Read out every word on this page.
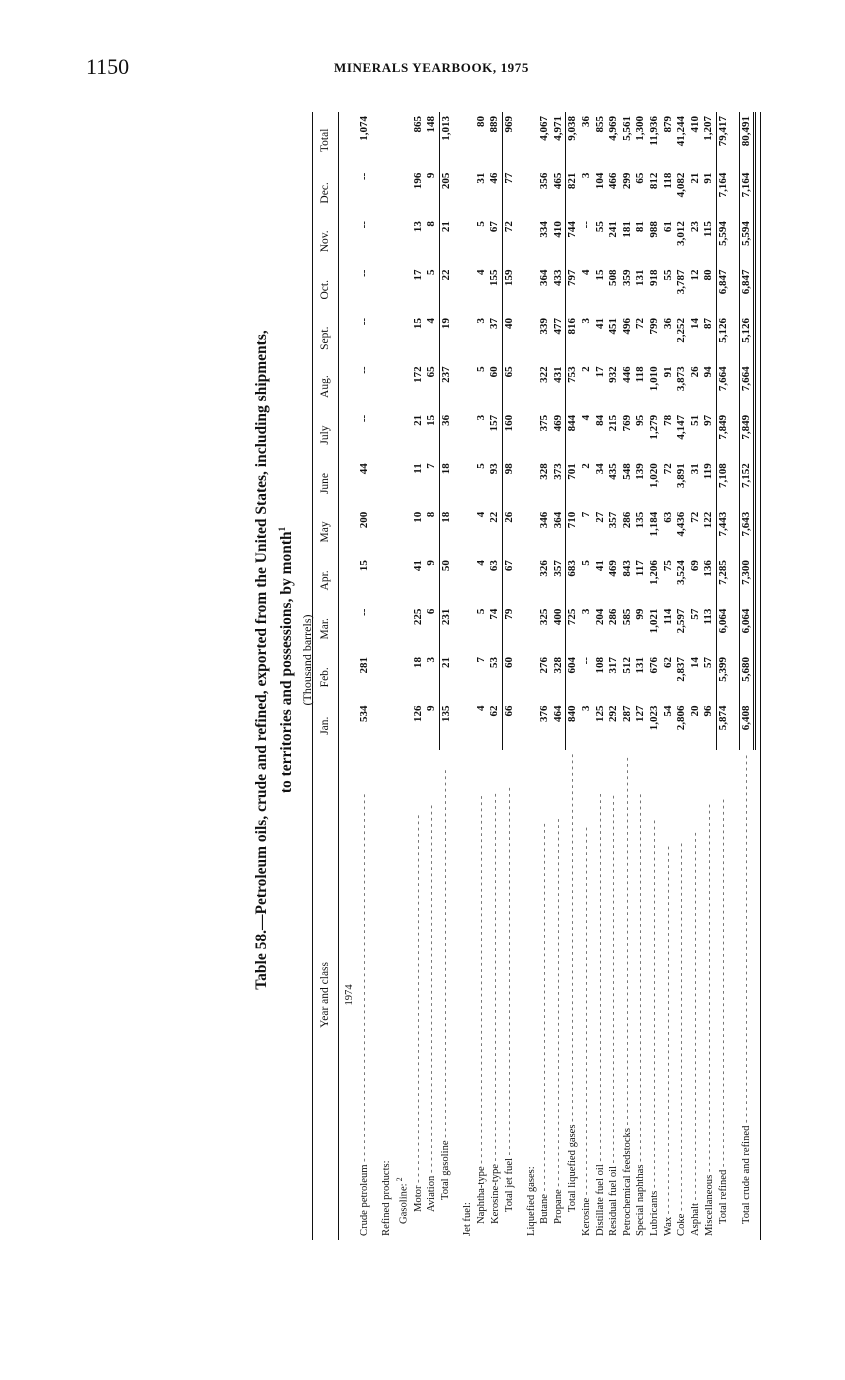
1150	MINERALS YEARBOOK, 1975
Table 58.—Petroleum oils, crude and refined, exported from the United States, including shipments, to territories and possessions, by month$^1$
(Thousand barrels)
Year and class	Jan.	Feb.	Mar.	Apr.	May	June	July	Aug.	Sept.	Oct.	Nov.	Dec.	Total
1974													
Crude petroleum - - - - - - - - - - - - - - - - - - - - - - - - - - - - - - - - - - - - - - - - - - - - - - - - - - - - - - - - - - - -	534	281	--	15	200	44	--	--	--	--	--	--	1,074

Refined products:													
Gasoline: $^2$													
Motor - - - - - - - - - - - - - - - - - - - - - - - - - - - - - - - - - - - - - - - - - - - - - - - - - - - - - - - - - - - -	126	18	225	41	10	11	21	172	15	17	13	196	865
Aviation - - - - - - - - - - - - - - - - - - - - - - - - - - - - - - - - - - - - - - - - - - - - - - - - - - - - - - - - - - - -	9	3	6	9	8	7	15	65	4	5	8	9	148
Total gasoline - - - - - - - - - - - - - - - - - - - - - - - - - - - - - - - - - - - - - - - - - - - - - - - - - - - - - - - - - - - -	135	21	231	50	18	18	36	237	19	22	21	205	1,013

Jet fuel:													
Naphtha-type - - - - - - - - - - - - - - - - - - - - - - - - - - - - - - - - - - - - - - - - - - - - - - - - - - - - - - - - - - - -	4	7	5	4	4	5	3	5	3	4	5	31	80
Kerosine-type - - - - - - - - - - - - - - - - - - - - - - - - - - - - - - - - - - - - - - - - - - - - - - - - - - - - - - - - - - - -	62	53	74	63	22	93	157	60	37	155	67	46	889
Total jet fuel - - - - - - - - - - - - - - - - - - - - - - - - - - - - - - - - - - - - - - - - - - - - - - - - - - - - - - - - - - - -	66	60	79	67	26	98	160	65	40	159	72	77	969

Liquefied gases:													
Butane - - - - - - - - - - - - - - - - - - - - - - - - - - - - - - - - - - - - - - - - - - - - - - - - - - - - - - - - - - - -	376	276	325	326	346	328	375	322	339	364	334	356	4,067
Propane - - - - - - - - - - - - - - - - - - - - - - - - - - - - - - - - - - - - - - - - - - - - - - - - - - - - - - - - - - - -	464	328	400	357	364	373	469	431	477	433	410	465	4,971
Total liquefied gases - - - - - - - - - - - - - - - - - - - - - - - - - - - - - - - - - - - - - - - - - - - - - - - - - - - - - - - - - - - -	840	604	725	683	710	701	844	753	816	797	744	821	9,038
Kerosine - - - - - - - - - - - - - - - - - - - - - - - - - - - - - - - - - - - - - - - - - - - - - - - - - - - - - - - - - - - -	3	--	3	5	7	2	4	2	3	4	--	3	36
Distillate fuel oil - - - - - - - - - - - - - - - - - - - - - - - - - - - - - - - - - - - - - - - - - - - - - - - - - - - - - - - - - - - -	125	108	204	41	27	34	84	17	41	15	55	104	855
Residual fuel oil - - - - - - - - - - - - - - - - - - - - - - - - - - - - - - - - - - - - - - - - - - - - - - - - - - - - - - - - - - - -	292	317	286	469	357	435	215	932	451	508	241	466	4,969
Petrochemical feedstocks - - - - - - - - - - - - - - - - - - - - - - - - - - - - - - - - - - - - - - - - - - - - - - - - - - - - - - - - - - - -	287	512	585	843	286	548	769	446	496	359	181	299	5,561
Special naphthas - - - - - - - - - - - - - - - - - - - - - - - - - - - - - - - - - - - - - - - - - - - - - - - - - - - - - - - - - - - -	127	131	99	117	135	139	95	118	72	131	81	65	1,300
Lubricants - - - - - - - - - - - - - - - - - - - - - - - - - - - - - - - - - - - - - - - - - - - - - - - - - - - - - - - - - - - -	1,023	676	1,021	1,206	1,184	1,020	1,279	1,010	799	918	988	812	11,936
Wax - - - - - - - - - - - - - - - - - - - - - - - - - - - - - - - - - - - - - - - - - - - - - - - - - - - - - - - - - - - -	54	62	114	75	63	72	78	91	36	55	61	118	879
Coke - - - - - - - - - - - - - - - - - - - - - - - - - - - - - - - - - - - - - - - - - - - - - - - - - - - - - - - - - - - -	2,806	2,837	2,597	3,524	4,436	3,891	4,147	3,873	2,252	3,787	3,012	4,082	41,244
Asphalt - - - - - - - - - - - - - - - - - - - - - - - - - - - - - - - - - - - - - - - - - - - - - - - - - - - - - - - - - - - -	20	14	57	69	72	31	51	26	14	12	23	21	410
Miscellaneous - - - - - - - - - - - - - - - - - - - - - - - - - - - - - - - - - - - - - - - - - - - - - - - - - - - - - - - - - - - -	96	57	113	136	122	119	97	94	87	80	115	91	1,207
Total refined - - - - - - - - - - - - - - - - - - - - - - - - - - - - - - - - - - - - - - - - - - - - - - - - - - - - - - - - - - - -	5,874	5,399	6,064	7,285	7,443	7,108	7,849	7,664	5,126	6,847	5,594	7,164	79,417

Total crude and refined - - - - - - - - - - - - - - - - - - - - - - - - - - - - - - - - - - - - - - - - - - - - - - - - - - - - - - - - - - - -	6,408	5,680	6,064	7,300	7,643	7,152	7,849	7,664	5,126	6,847	5,594	7,164	80,491
